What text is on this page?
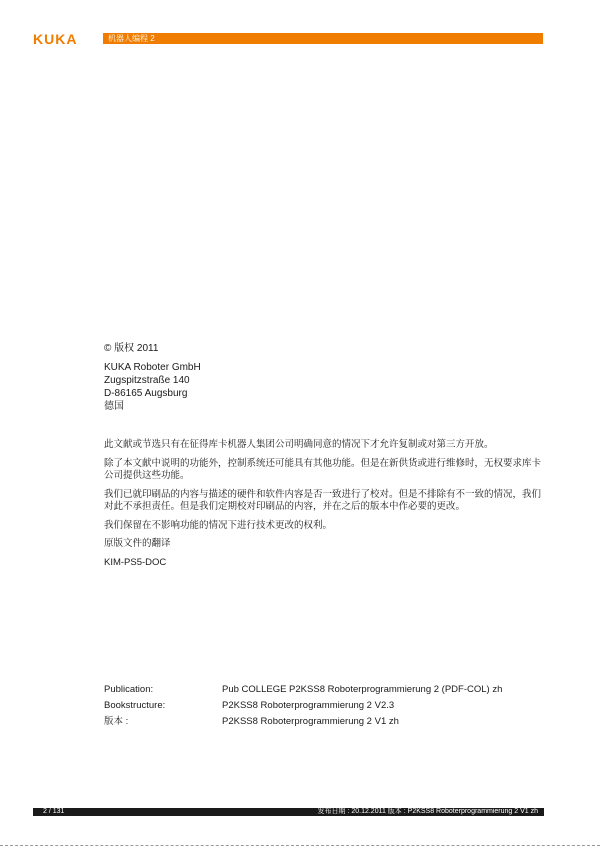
KUKA	机器人编程 2
© 版权 2011
KUKA Roboter GmbH
Zugspitzstraße 140
D-86165 Augsburg
德国

此文献或节选只有在征得库卡机器人集团公司明确同意的情况下才允许复制或对第三方开放。

除了本文献中说明的功能外，控制系统还可能具有其他功能。但是在新供货或进行维修时，无权要求库卡公司提供这些功能。

我们已就印刷品的内容与描述的硬件和软件内容是否一致进行了校对。但是不排除有不一致的情况，我们对此不承担责任。但是我们定期校对印刷品的内容，并在之后的版本中作必要的更改。

我们保留在不影响功能的情况下进行技术更改的权利。

原版文件的翻译

KIM-PS5-DOC

Publication:	Pub COLLEGE P2KSS8 Roboterprogrammierung 2 (PDF-COL) zh
Bookstructure:	P2KSS8 Roboterprogrammierung 2 V2.3
版本 :	P2KSS8 Roboterprogrammierung 2 V1 zh
2 / 131	发布日期 : 20.12.2011 版本 : P2KSS8 Roboterprogrammierung 2 V1 zh
